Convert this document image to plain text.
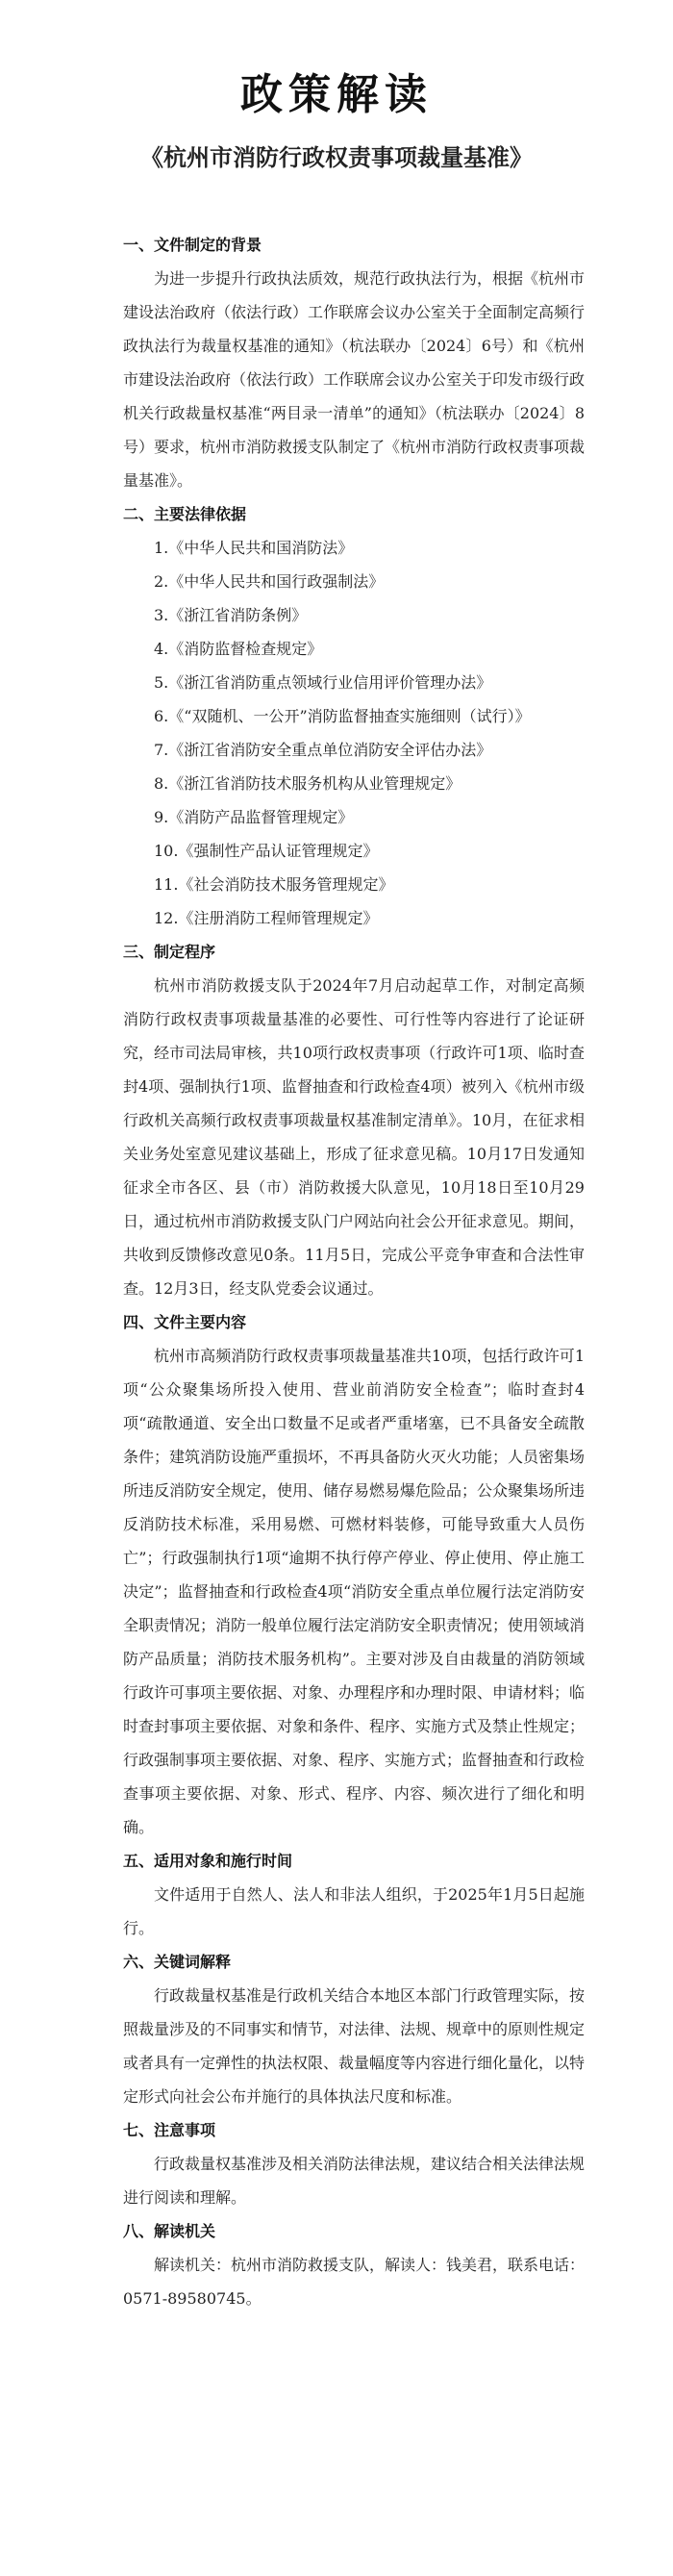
政策解读
《杭州市消防行政权责事项裁量基准》
一、文件制定的背景

为进一步提升行政执法质效，规范行政执法行为，根据《杭州市建设法治政府（依法行政）工作联席会议办公室关于全面制定高频行政执法行为裁量权基准的通知》（杭法联办〔2024〕6号）和《杭州市建设法治政府（依法行政）工作联席会议办公室关于印发市级行政机关行政裁量权基准“两目录一清单”的通知》（杭法联办〔2024〕8号）要求，杭州市消防救援支队制定了《杭州市消防行政权责事项裁量基准》。

二、主要法律依据
1.《中华人民共和国消防法》
2.《中华人民共和国行政强制法》
3.《浙江省消防条例》
4.《消防监督检查规定》
5.《浙江省消防重点领域行业信用评价管理办法》
6.《“双随机、一公开”消防监督抽查实施细则（试行）》
7.《浙江省消防安全重点单位消防安全评估办法》
8.《浙江省消防技术服务机构从业管理规定》
9.《消防产品监督管理规定》
10.《强制性产品认证管理规定》
11.《社会消防技术服务管理规定》
12.《注册消防工程师管理规定》
三、制定程序

杭州市消防救援支队于2024年7月启动起草工作，对制定高频消防行政权责事项裁量基准的必要性、可行性等内容进行了论证研究，经市司法局审核，共10项行政权责事项（行政许可1项、临时查封4项、强制执行1项、监督抽查和行政检查4项）被列入《杭州市级行政机关高频行政权责事项裁量权基准制定清单》。10月，在征求相关业务处室意见建议基础上，形成了征求意见稿。10月17日发通知征求全市各区、县（市）消防救援大队意见，10月18日至10月29日，通过杭州市消防救援支队门户网站向社会公开征求意见。期间，共收到反馈修改意见0条。11月5日，完成公平竞争审查和合法性审查。12月3日，经支队党委会议通过。

四、文件主要内容

杭州市高频消防行政权责事项裁量基准共10项，包括行政许可1项“公众聚集场所投入使用、营业前消防安全检查”；临时查封4项“疏散通道、安全出口数量不足或者严重堵塞，已不具备安全疏散条件；建筑消防设施严重损坏，不再具备防火灭火功能；人员密集场所违反消防安全规定，使用、储存易燃易爆危险品；公众聚集场所违反消防技术标准，采用易燃、可燃材料装修，可能导致重大人员伤亡”；行政强制执行1项“逾期不执行停产停业、停止使用、停止施工决定”；监督抽查和行政检查4项“消防安全重点单位履行法定消防安全职责情况；消防一般单位履行法定消防安全职责情况；使用领域消防产品质量；消防技术服务机构”。主要对涉及自由裁量的消防领域行政许可事项主要依据、对象、办理程序和办理时限、申请材料；临时查封事项主要依据、对象和条件、程序、实施方式及禁止性规定；行政强制事项主要依据、对象、程序、实施方式；监督抽查和行政检查事项主要依据、对象、形式、程序、内容、频次进行了细化和明确。

五、适用对象和施行时间

文件适用于自然人、法人和非法人组织，于2025年1月5日起施行。

六、关键词解释

行政裁量权基准是行政机关结合本地区本部门行政管理实际，按照裁量涉及的不同事实和情节，对法律、法规、规章中的原则性规定或者具有一定弹性的执法权限、裁量幅度等内容进行细化量化，以特定形式向社会公布并施行的具体执法尺度和标准。

七、注意事项

行政裁量权基准涉及相关消防法律法规，建议结合相关法律法规进行阅读和理解。

八、解读机关

解读机关：杭州市消防救援支队，解读人：钱美君，联系电话：0571-89580745。
